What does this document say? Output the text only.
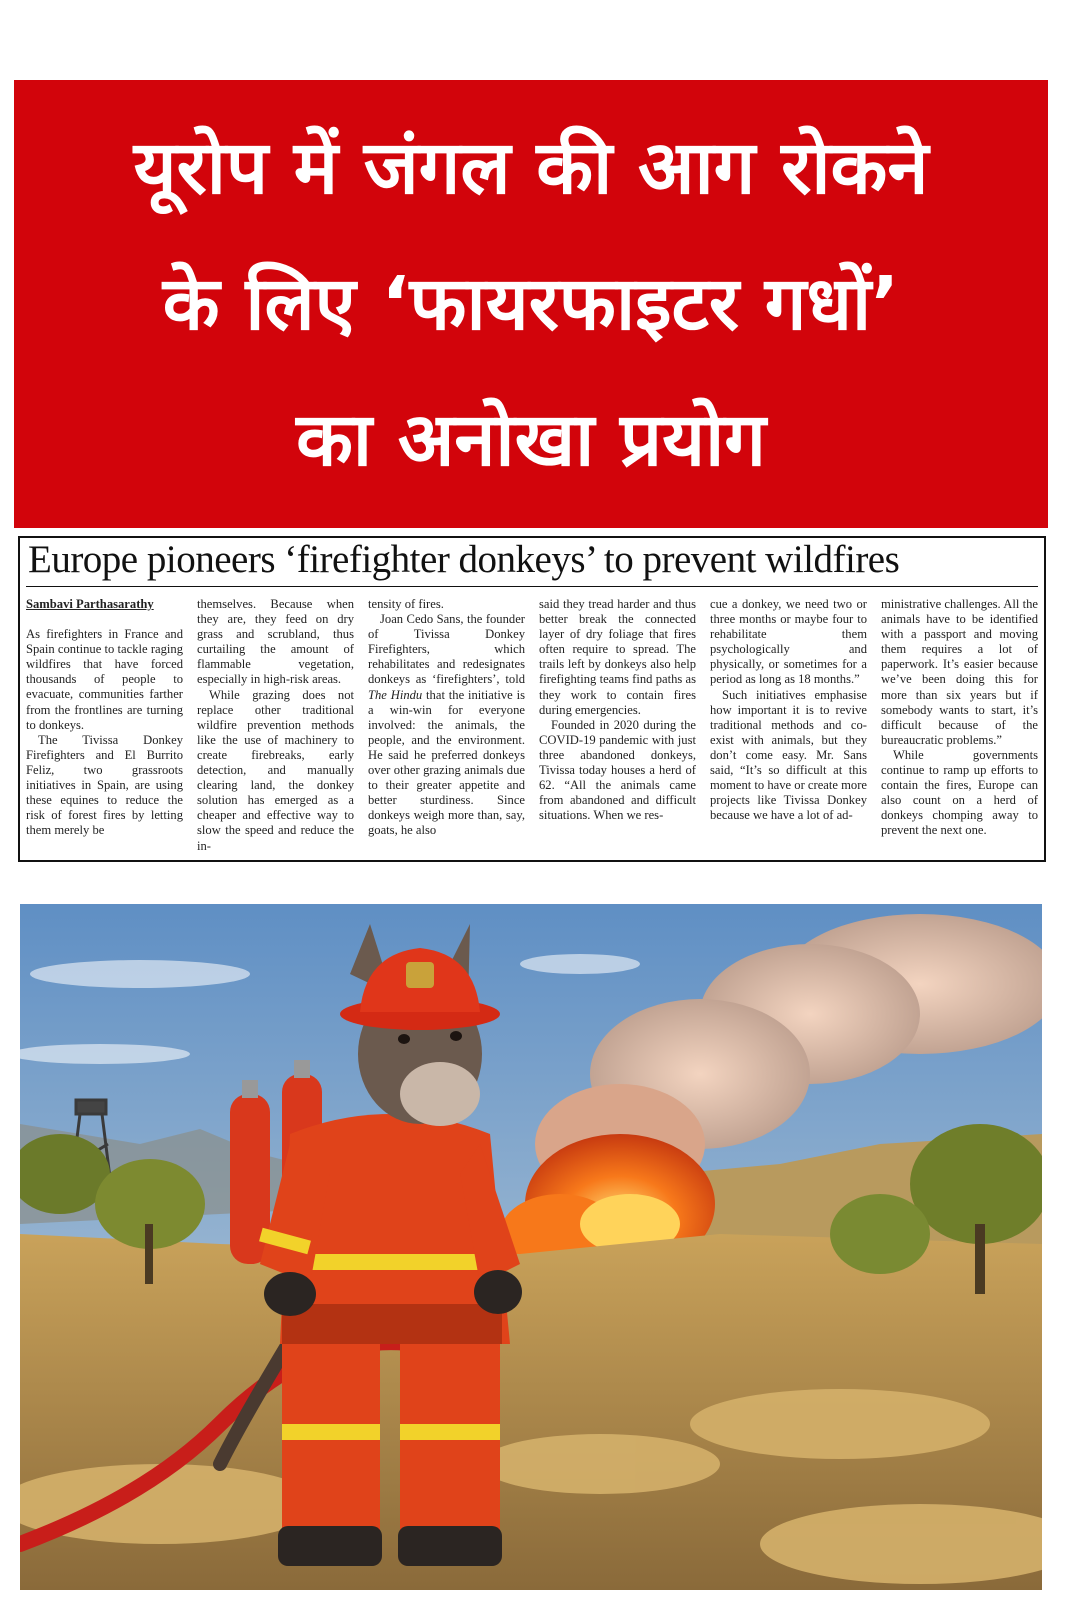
यूरोप में जंगल की आग रोकने
के लिए ‘फायरफाइटर गधों’
का अनोखा प्रयोग
Europe pioneers ‘firefighter donkeys’ to prevent wildfires
Sambavi Parthasarathy

As firefighters in France and Spain continue to tackle raging wildfires that have forced thousands of people to evacuate, communities farther from the frontlines are turning to donkeys.

The Tivissa Donkey Firefighters and El Burrito Feliz, two grassroots initiatives in Spain, are using these equines to reduce the risk of forest fires by letting them merely be

themselves. Because when they are, they feed on dry grass and scrubland, thus curtailing the amount of flammable vegetation, especially in high-risk areas.

While grazing does not replace other traditional wildfire prevention methods like the use of machinery to create firebreaks, early detection, and manually clearing land, the donkey solution has emerged as a cheaper and effective way to slow the speed and reduce the in-

tensity of fires.

Joan Cedo Sans, the founder of Tivissa Donkey Firefighters, which rehabilitates and redesignates donkeys as ‘firefighters’, told The Hindu that the initiative is a win-win for everyone involved: the animals, the people, and the environment. He said he preferred donkeys over other grazing animals due to their greater appetite and better sturdiness. Since donkeys weigh more than, say, goats, he also

said they tread harder and thus better break the connected layer of dry foliage that fires often require to spread. The trails left by donkeys also help firefighting teams find paths as they work to contain fires during emergencies.

Founded in 2020 during the COVID-19 pandemic with just three abandoned donkeys, Tivissa today houses a herd of 62. “All the animals came from abandoned and difficult situations. When we res-

cue a donkey, we need two or three months or maybe four to rehabilitate them psychologically and physically, or sometimes for a period as long as 18 months.”

Such initiatives emphasise how important it is to revive traditional methods and co-exist with animals, but they don’t come easy. Mr. Sans said, “It’s so difficult at this moment to have or create more projects like Tivissa Donkey because we have a lot of ad-

ministrative challenges. All the animals have to be identified with a passport and moving them requires a lot of paperwork. It’s easier because we’ve been doing this for more than six years but if somebody wants to start, it’s difficult because of the bureaucratic problems.”

While governments continue to ramp up efforts to contain the fires, Europe can also count on a herd of donkeys chomping away to prevent the next one.
